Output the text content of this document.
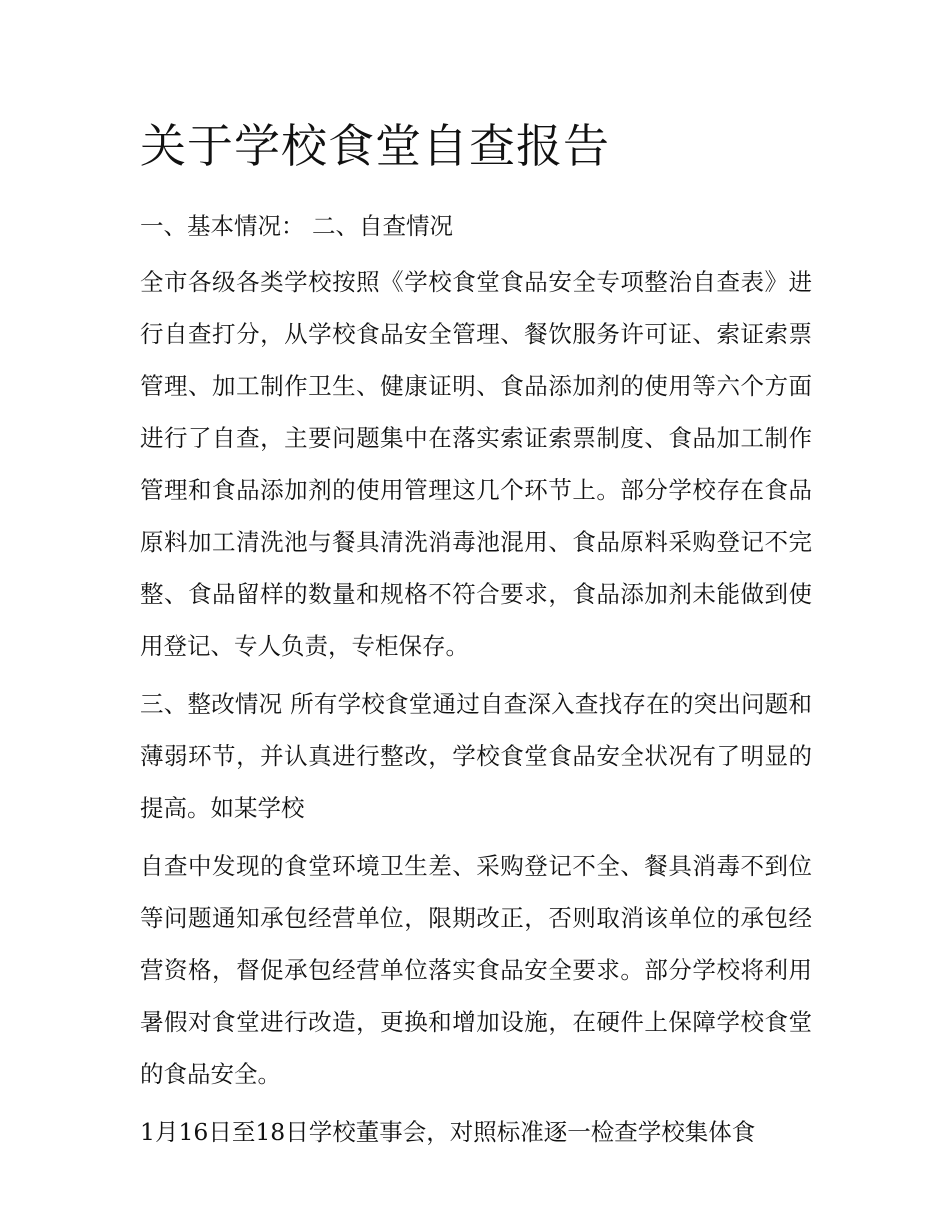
关于学校食堂自查报告

一、基本情况： 二、自查情况

全市各级各类学校按照《学校食堂食品安全专项整治自查表》进行自查打分，从学校食品安全管理、餐饮服务许可证、索证索票管理、加工制作卫生、健康证明、食品添加剂的使用等六个方面进行了自查，主要问题集中在落实索证索票制度、食品加工制作管理和食品添加剂的使用管理这几个环节上。部分学校存在食品原料加工清洗池与餐具清洗消毒池混用、食品原料采购登记不完整、食品留样的数量和规格不符合要求，食品添加剂未能做到使用登记、专人负责，专柜保存。

三、整改情况 所有学校食堂通过自查深入查找存在的突出问题和薄弱环节，并认真进行整改，学校食堂食品安全状况有了明显的提高。如某学校

自查中发现的食堂环境卫生差、采购登记不全、餐具消毒不到位等问题通知承包经营单位，限期改正，否则取消该单位的承包经营资格，督促承包经营单位落实食品安全要求。部分学校将利用暑假对食堂进行改造，更换和增加设施，在硬件上保障学校食堂的食品安全。

1月16日至18日学校董事会，对照标准逐一检查学校集体食
